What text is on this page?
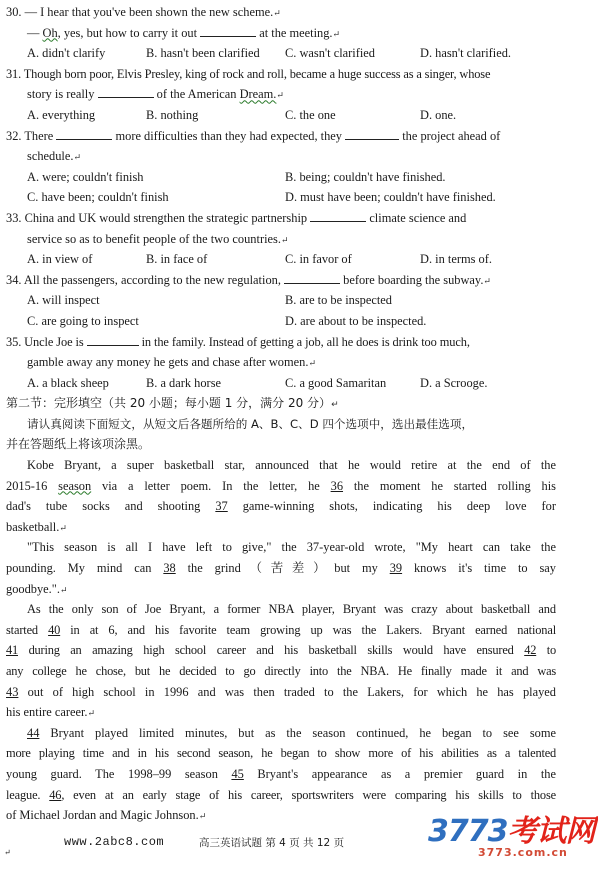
30. — I hear that you've been shown the new scheme.↵
— Oh, yes, but how to carry it out	at the meeting.↵
A. didn't clarify	B. hasn't been clarified	C. wasn't clarified	D. hasn't clarified.
31. Though born poor, Elvis Presley, king of rock and roll, became a huge success as a singer, whose
story is really	of the American Dream.↵
A. everything	B. nothing	C. the one	D. one.
32. There	more difficulties than they had expected, they	the project ahead of
schedule.↵
A. were; couldn't finish	B. being; couldn't have finished.
C. have been; couldn't finish	D. must have been; couldn't have finished.
33. China and UK would strengthen the strategic partnership	climate science and
service so as to benefit people of the two countries.↵
A. in view of	B. in face of	C. in favor of	D. in terms of.
34. All the passengers, according to the new regulation,	before boarding the subway.↵
A. will inspect	B. are to be inspected
C. are going to inspect	D. are about to be inspected.
35. Uncle Joe is	in the family. Instead of getting a job, all he does is drink too much,
gamble away any money he gets and chase after women.↵
A. a black sheep	B. a dark horse	C. a good Samaritan	D. a Scrooge.
第二节：完形填空（共 20 小题；每小题 1 分，满分 20 分）↵
请认真阅读下面短文，从短文后各题所给的 A、B、C、D 四个选项中，选出最佳选项，
并在答题纸上将该项涂黑。
Kobe Bryant, a super basketball star, announced that he would retire at the end of the
2015-16 season via a letter poem. In the letter, he 36 the moment he started rolling his
dad's tube socks and shooting 37 game-winning shots, indicating his deep love for
basketball.↵
"This season is all I have left to give," the 37-year-old wrote, "My heart can take the
pounding. My mind can 38 the grind（苦差）but my 39 knows it's time to say
goodbye.".↵
As the only son of Joe Bryant, a former NBA player, Bryant was crazy about basketball and
started 40 in at 6, and his favorite team growing up was the Lakers. Bryant earned national
41 during an amazing high school career and his basketball skills would have ensured 42 to
any college he chose, but he decided to go directly into the NBA. He finally made it and was
43 out of high school in 1996 and was then traded to the Lakers, for which he has played
his entire career.↵
44 Bryant played limited minutes, but as the season continued, he began to see some
more playing time and in his second season, he began to show more of his abilities as a talented
young guard. The 1998–99 season 45 Bryant's appearance as a premier guard in the
league. 46, even at an early stage of his career, sportswriters were comparing his skills to those
of Michael Jordan and Magic Johnson.↵
www.2abc8.com	高三英语试题 第 4 页 共 12 页
↵
3773考试网
3773.com.cn
